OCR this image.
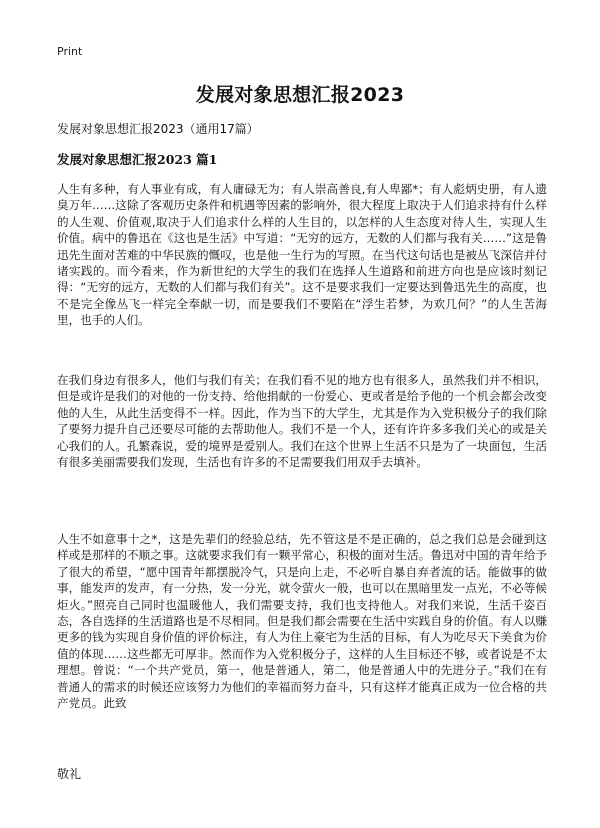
Print
发展对象思想汇报2023
发展对象思想汇报2023（通用17篇）
发展对象思想汇报2023 篇1

人生有多种，有人事业有成，有人庸碌无为；有人崇高善良,有人卑鄙*；有人彪炳史册，有人遗臭万年……这除了客观历史条件和机遇等因素的影响外，很大程度上取决于人们追求持有什么样的人生观、价值观,取决于人们追求什么样的人生目的，以怎样的人生态度对待人生，实现人生价值。病中的鲁迅在《这也是生活》中写道：“无穷的远方，无数的人们都与我有关……”这是鲁迅先生面对苦难的中华民族的慨叹，也是他一生行为的写照。在当代这句话也是被丛飞深信并付诸实践的。而今看来，作为新世纪的大学生的我们在选择人生道路和前进方向也是应该时刻记得：“无穷的远方，无数的人们都与我们有关”。这不是要求我们一定要达到鲁迅先生的高度，也不是完全像丛飞一样完全奉献一切，而是要我们不要陷在“浮生若梦，为欢几何？”的人生苦海里，也手的人们。

在我们身边有很多人，他们与我们有关；在我们看不见的地方也有很多人，虽然我们并不相识，但是或许是我们的对他的一份支持、给他捐献的一份爱心、更或者是给予他的一个机会都会改变他的人生，从此生活变得不一样。因此，作为当下的大学生，尤其是作为入党积极分子的我们除了要努力提升自己还要尽可能的去帮助他人。我们不是一个人，还有许许多多我们关心的或是关心我们的人。孔繁森说，爱的境界是爱别人。我们在这个世界上生活不只是为了一块面包，生活有很多美丽需要我们发现，生活也有许多的不足需要我们用双手去填补。

人生不如意事十之*，这是先辈们的经验总结，先不管这是不是正确的，总之我们总是会碰到这样或是那样的不顺之事。这就要求我们有一颗平常心，积极的面对生活。鲁迅对中国的青年给予了很大的希望，“愿中国青年都摆脱冷气，只是向上走，不必听自暴自弃者流的话。能做事的做事，能发声的发声，有一分热，发一分光，就令萤火一般，也可以在黑暗里发一点光，不必等候炬火。”照亮自己同时也温暖他人，我们需要支持，我们也支持他人。对我们来说，生活千姿百态，各自选择的生活道路也是不尽相同。但是我们都会需要在生活中实践自身的价值。有人以赚更多的钱为实现自身价值的评价标注，有人为住上豪宅为生活的目标，有人为吃尽天下美食为价值的体现……这些都无可厚非。然而作为入党积极分子，这样的人生目标还不够，或者说是不太理想。曾说：“一个共产党员，第一，他是普通人，第二，他是普通人中的先进分子。”我们在有普通人的需求的时候还应该努力为他们的幸福而努力奋斗，只有这样才能真正成为一位合格的共产党员。此致

敬礼
